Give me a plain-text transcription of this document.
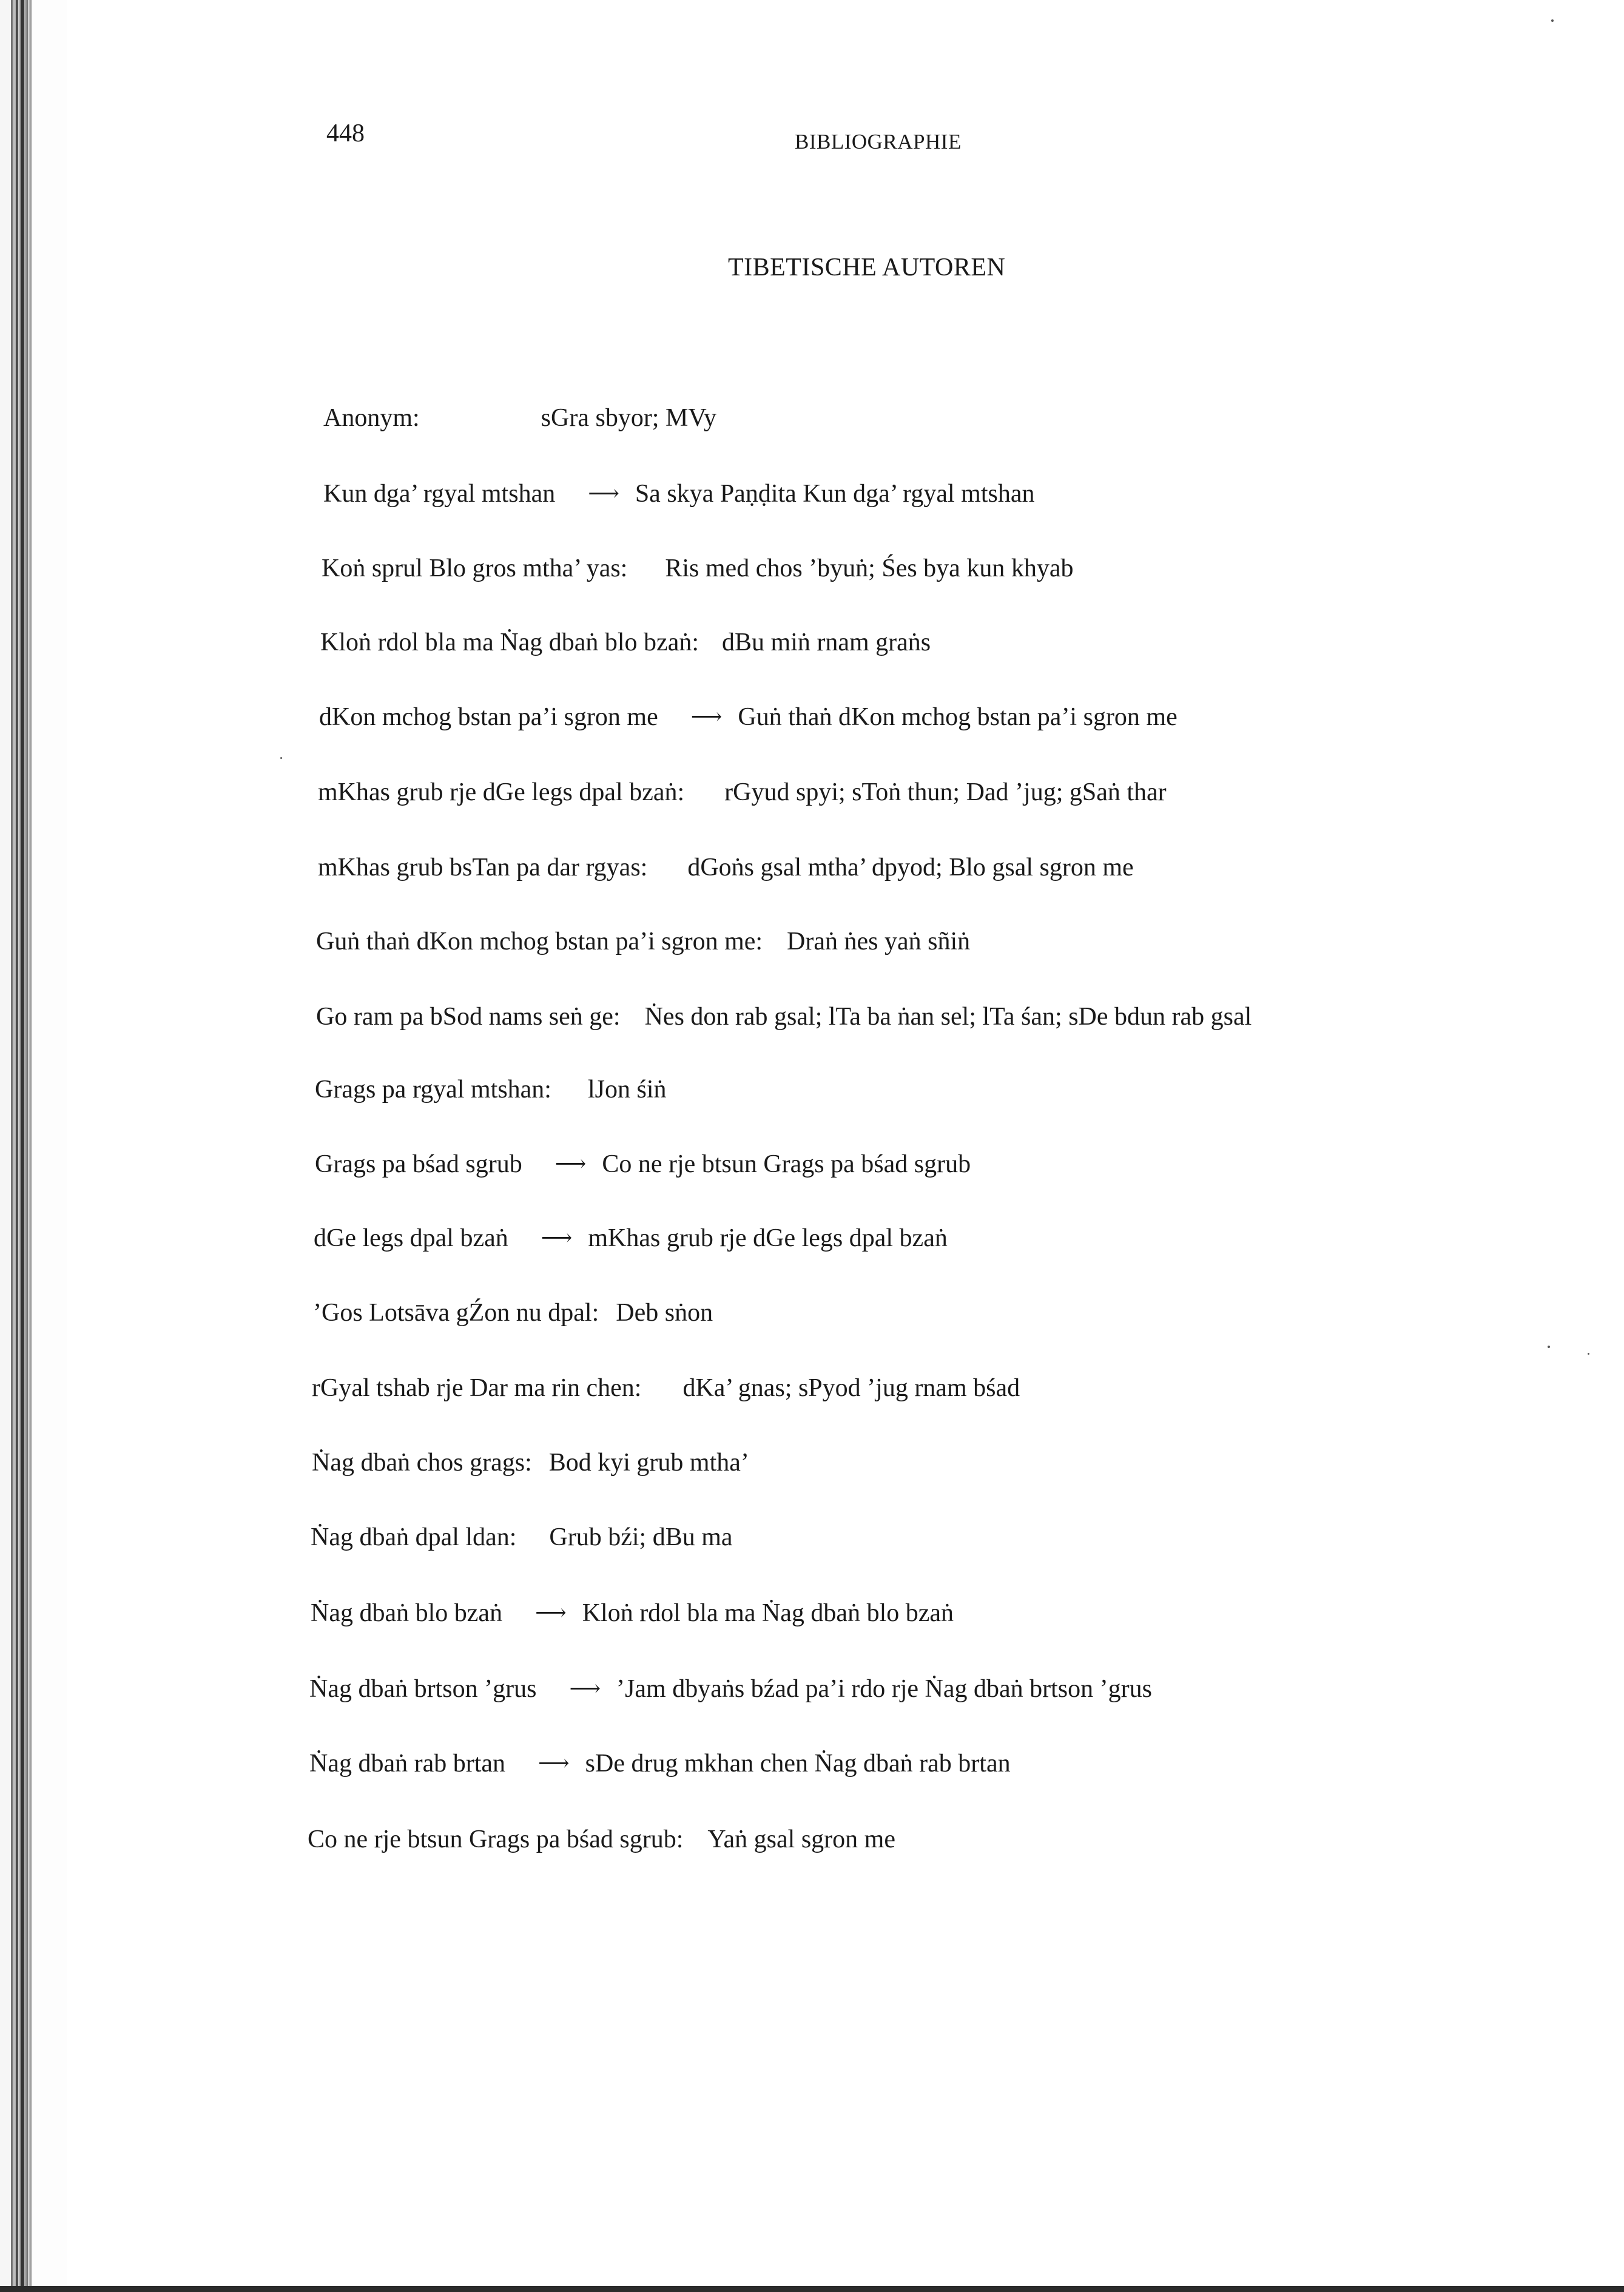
448	BIBLIOGRAPHIE
TIBETISCHE AUTOREN
Anonym:	sGra sbyor; MVy
Kun dga’ rgyal mtshan ⟶ Sa skya Paṇḍita Kun dga’ rgyal mtshan
Koṅ sprul Blo gros mtha’ yas: Ris med chos ’byuṅ; Śes bya kun khyab
Kloṅ rdol bla ma Ṅag dbaṅ blo bzaṅ: dBu miṅ rnam graṅs
dKon mchog bstan pa’i sgron me ⟶ Guṅ thaṅ dKon mchog bstan pa’i sgron me
mKhas grub rje dGe legs dpal bzaṅ: rGyud spyi; sToṅ thun; Dad ’jug; gSaṅ thar
mKhas grub bsTan pa dar rgyas: dGoṅs gsal mtha’ dpyod; Blo gsal sgron me
Guṅ thaṅ dKon mchog bstan pa’i sgron me: Draṅ ṅes yaṅ sñiṅ
Go ram pa bSod nams seṅ ge: Ṅes don rab gsal; lTa ba ṅan sel; lTa śan; sDe bdun rab gsal
Grags pa rgyal mtshan: lJon śiṅ
Grags pa bśad sgrub ⟶ Co ne rje btsun Grags pa bśad sgrub
dGe legs dpal bzaṅ ⟶ mKhas grub rje dGe legs dpal bzaṅ
’Gos Lotsāva gŹon nu dpal: Deb sṅon
rGyal tshab rje Dar ma rin chen: dKa’ gnas; sPyod ’jug rnam bśad
Ṅag dbaṅ chos grags: Bod kyi grub mtha’
Ṅag dbaṅ dpal ldan: Grub bźi; dBu ma
Ṅag dbaṅ blo bzaṅ ⟶ Kloṅ rdol bla ma Ṅag dbaṅ blo bzaṅ
Ṅag dbaṅ brtson ’grus ⟶ ’Jam dbyaṅs bźad pa’i rdo rje Ṅag dbaṅ brtson ’grus
Ṅag dbaṅ rab brtan ⟶ sDe drug mkhan chen Ṅag dbaṅ rab brtan
Co ne rje btsun Grags pa bśad sgrub: Yaṅ gsal sgron me
